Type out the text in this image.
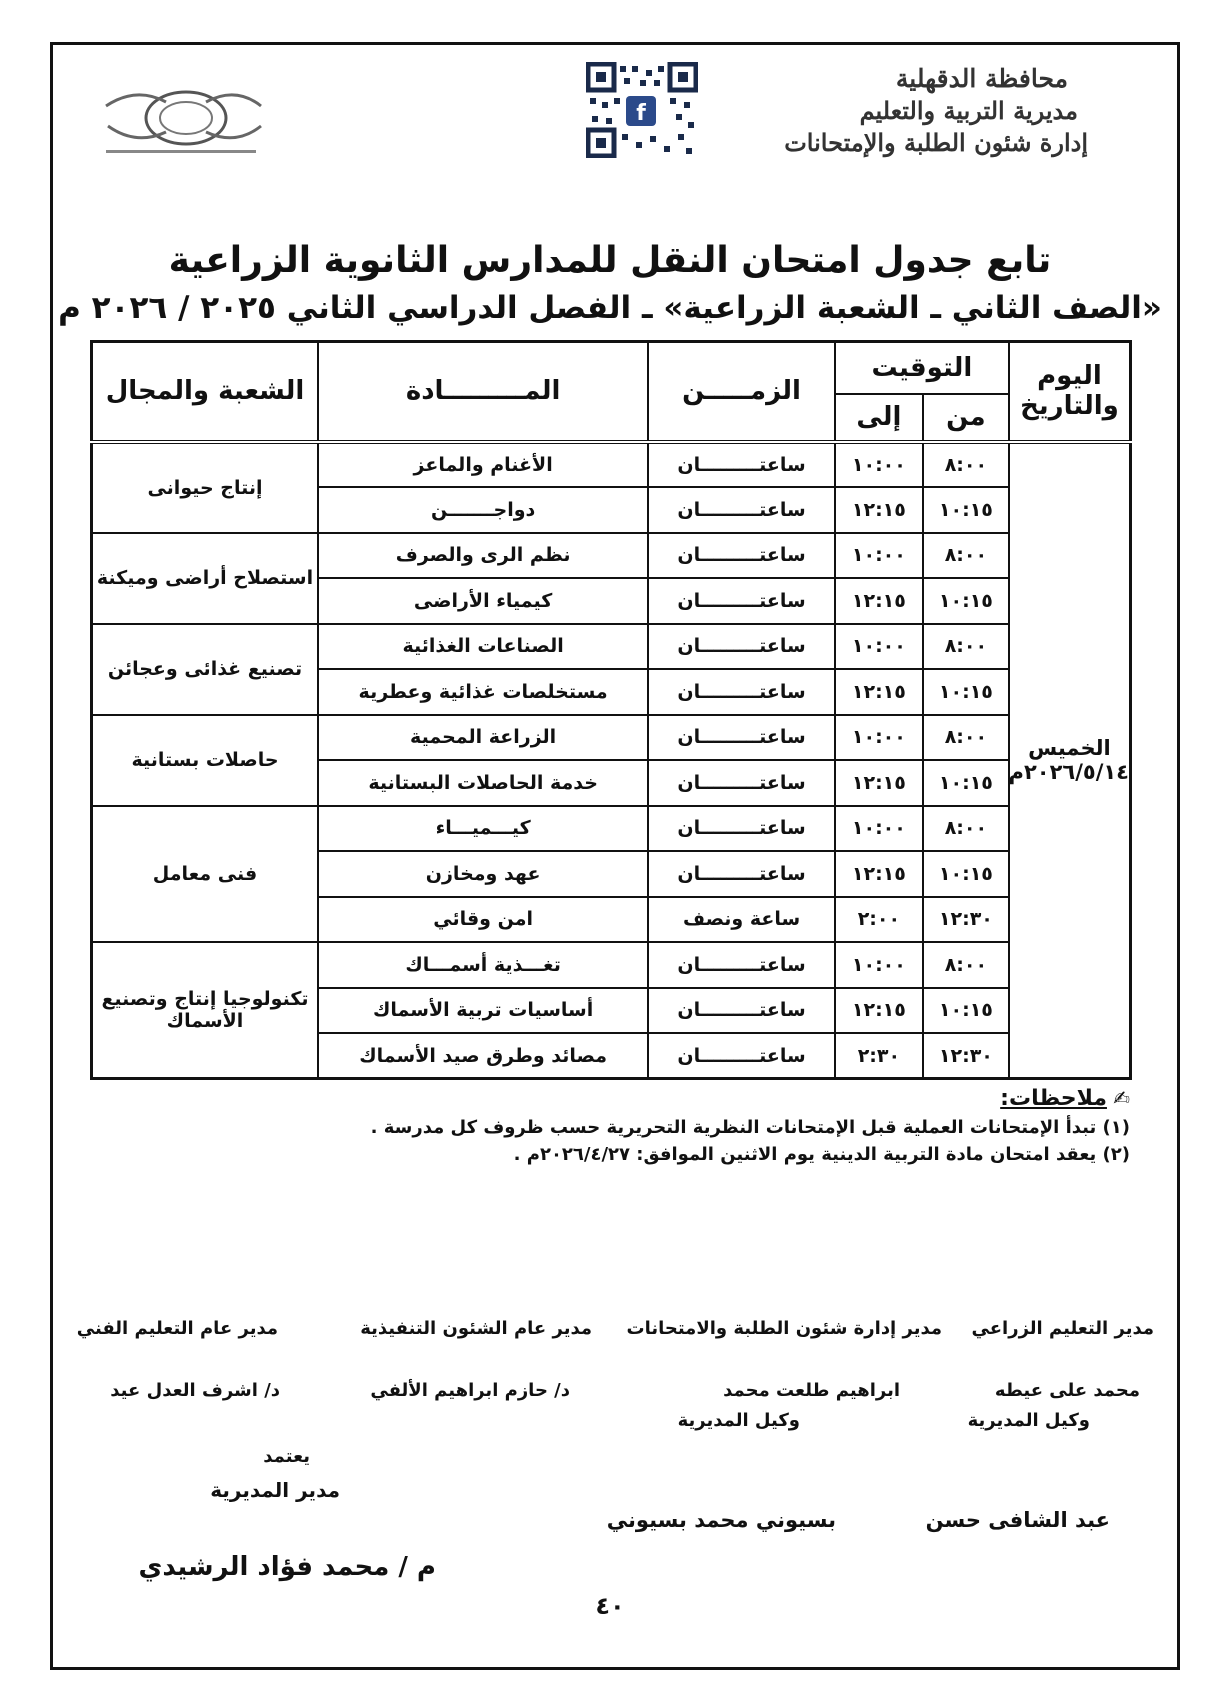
محافظة الدقهلية
مديرية التربية والتعليم
إدارة شئون الطلبة والإمتحانات
f
تابع جدول امتحان النقل للمدارس الثانوية الزراعية
«الصف الثاني ـ الشعبة الزراعية» ـ الفصل الدراسي الثاني ٢٠٢٥ / ٢٠٢٦ م
اليوم والتاريخ	التوقيت		الزمـــــن	المـــــــــادة	الشعبة والمجال
	من	إلى			

الخميس
٢٠٢٦/٥/١٤م	٨:٠٠	١٠:٠٠	ساعتـــــــــان	الأغنام والماعز	إنتاج حيوانى
	١٠:١٥	١٢:١٥	ساعتـــــــــان	دواجـــــــن	
	٨:٠٠	١٠:٠٠	ساعتـــــــــان	نظم الرى والصرف	استصلاح أراضى وميكنة
	١٠:١٥	١٢:١٥	ساعتـــــــــان	كيمياء الأراضى	
	٨:٠٠	١٠:٠٠	ساعتـــــــــان	الصناعات الغذائية	تصنيع غذائى وعجائن
	١٠:١٥	١٢:١٥	ساعتـــــــــان	مستخلصات غذائية وعطرية	
	٨:٠٠	١٠:٠٠	ساعتـــــــــان	الزراعة المحمية	حاصلات بستانية
	١٠:١٥	١٢:١٥	ساعتـــــــــان	خدمة الحاصلات البستانية	
	٨:٠٠	١٠:٠٠	ساعتـــــــــان	كيـــميـــاء	فنى معامل
	١٠:١٥	١٢:١٥	ساعتـــــــــان	عهد ومخازن	
	١٢:٣٠	٢:٠٠	ساعة ونصف	امن وقائي	
	٨:٠٠	١٠:٠٠	ساعتـــــــــان	تغـــذية أسمـــاك	تكنولوجيا إنتاج وتصنيع الأسماك
	١٠:١٥	١٢:١٥	ساعتـــــــــان	أساسيات تربية الأسماك	
	١٢:٣٠	٢:٣٠	ساعتـــــــــان	مصائد وطرق صيد الأسماك	
✍ ملاحظات:
(١) تبدأ الإمتحانات العملية قبل الإمتحانات النظرية التحريرية حسب ظروف كل مدرسة .
(٢) يعقد امتحان مادة التربية الدينية يوم الاثنين الموافق: ٢٠٢٦/٤/٢٧م .
مدير التعليم الزراعي
مدير إدارة شئون الطلبة والامتحانات
مدير عام الشئون التنفيذية
مدير عام التعليم الفني
محمد على عيطه
ابراهيم طلعت محمد
د/ حازم ابراهيم الألفي
د/ اشرف العدل عيد
وكيل المديرية
وكيل المديرية
يعتمد
مدير المديرية
م / محمد فؤاد الرشيدي
عبد الشافى حسن
بسيوني محمد بسيوني
٤٠
